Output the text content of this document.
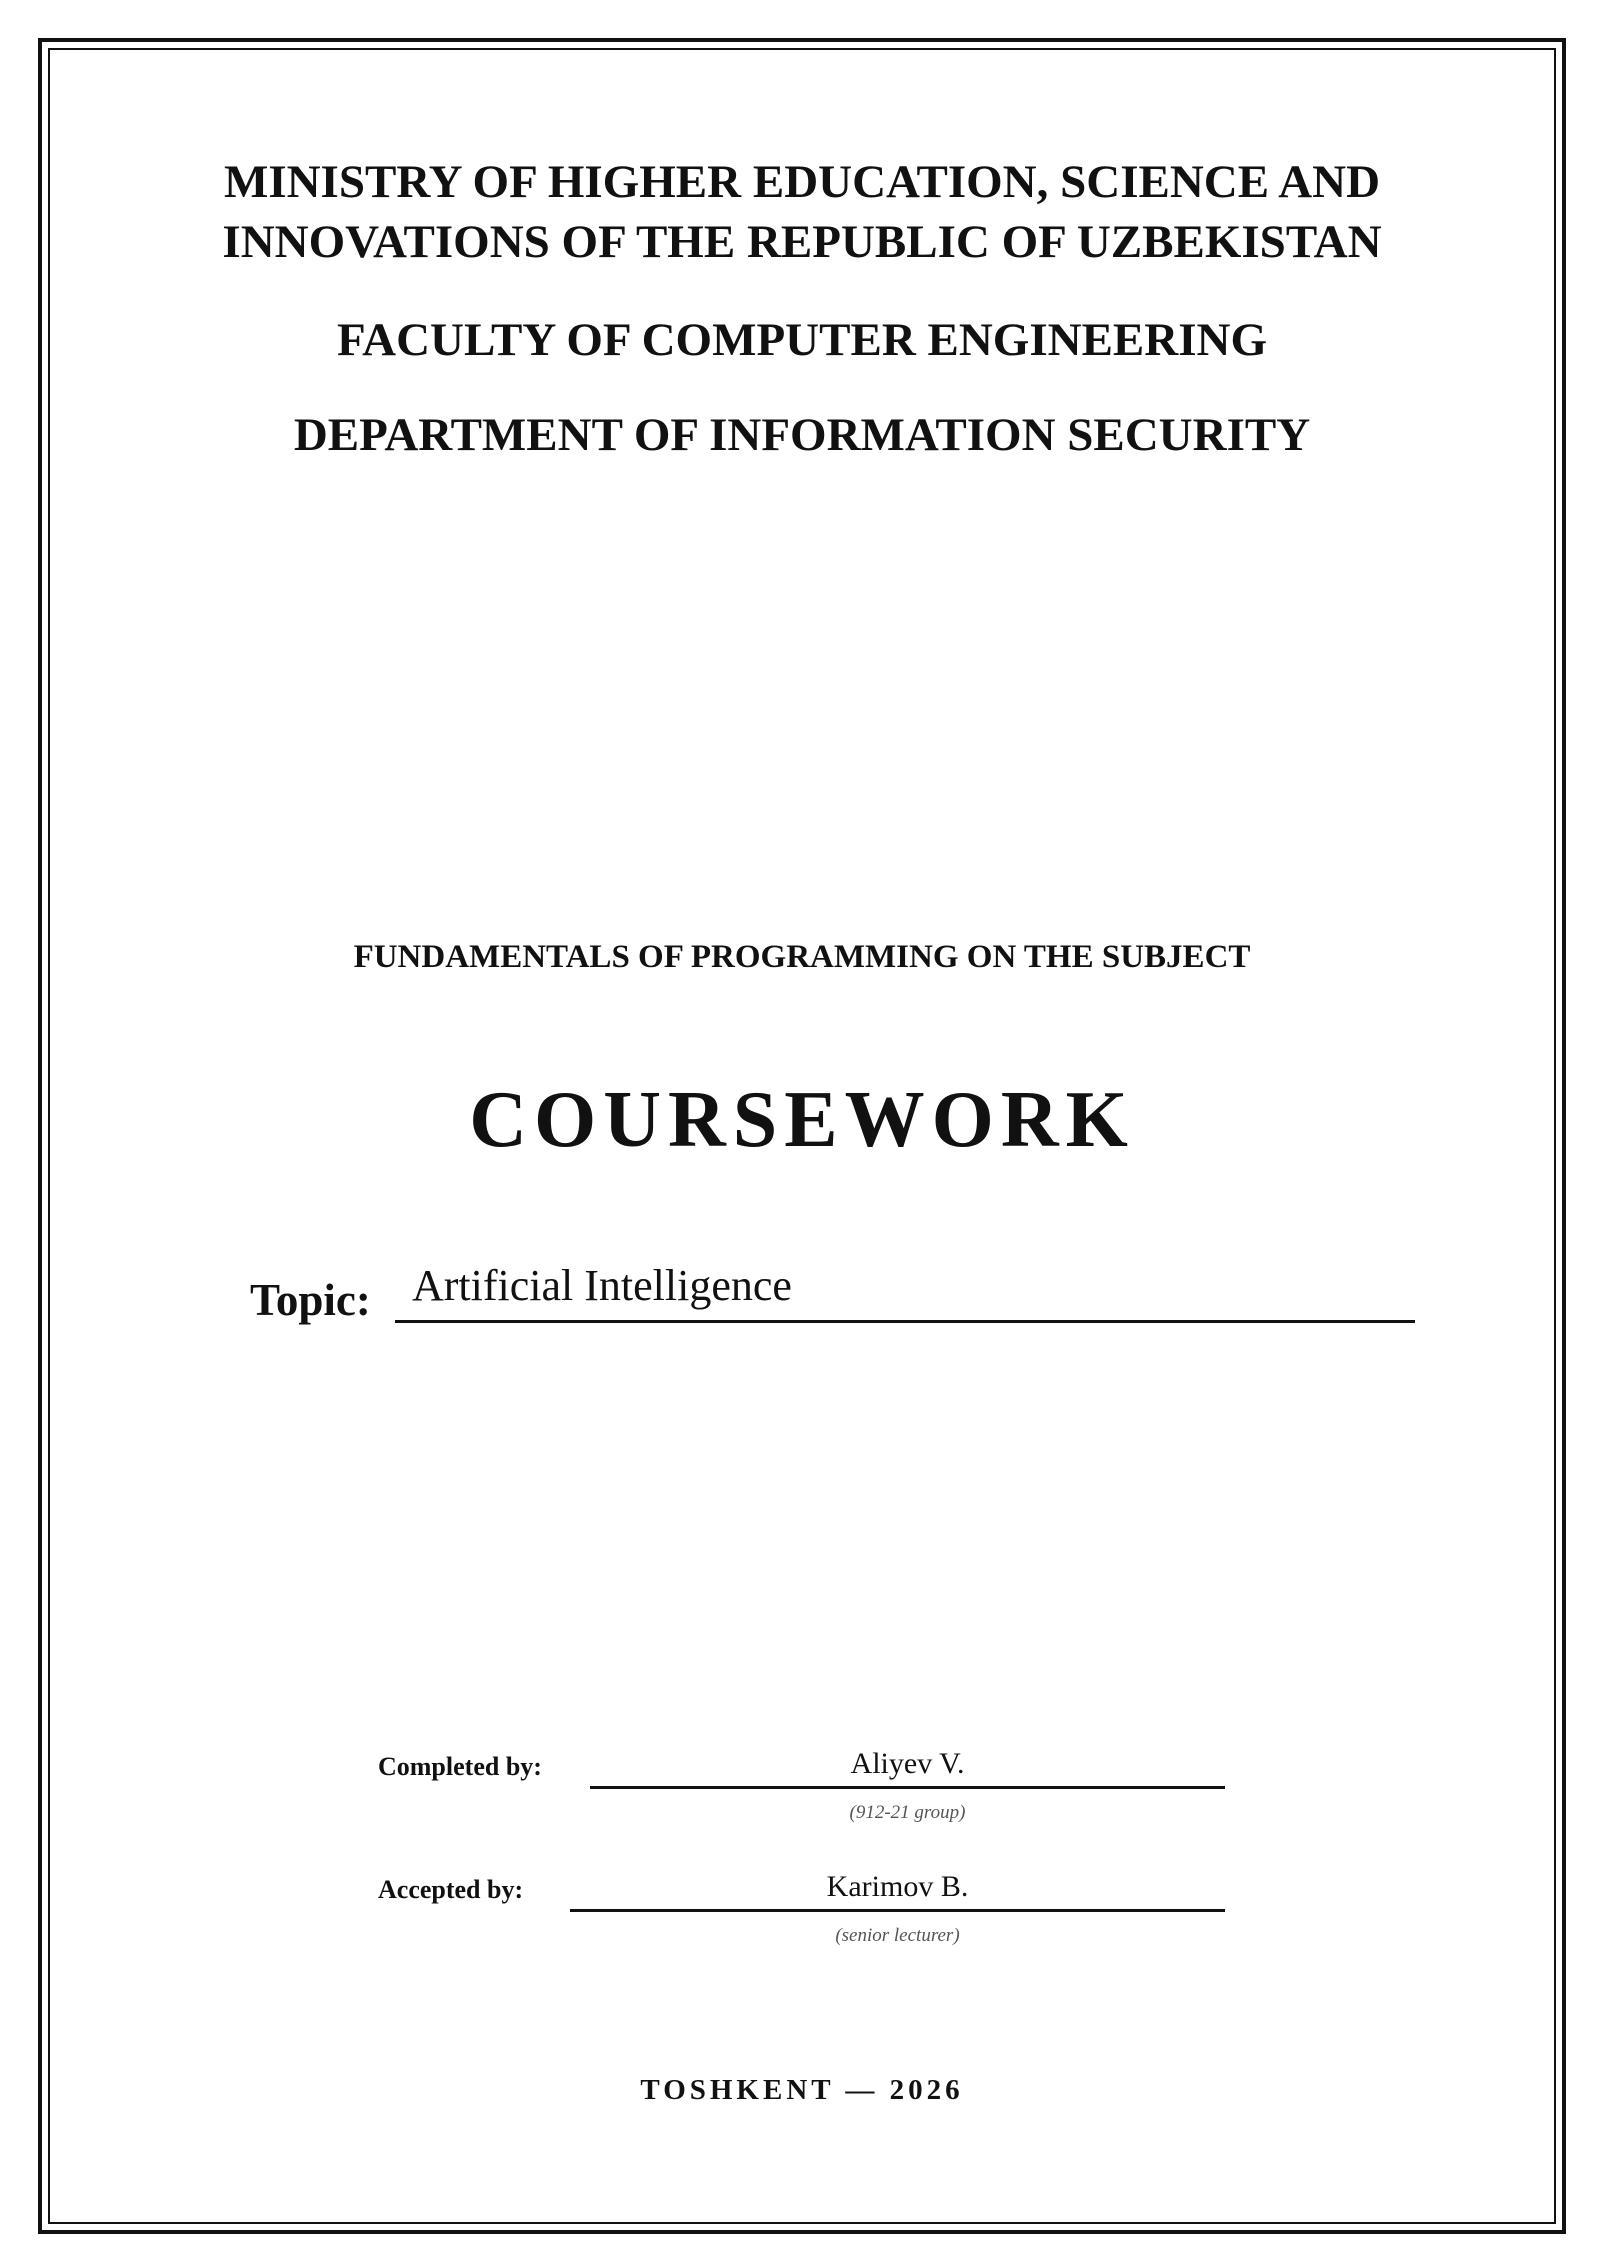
MINISTRY OF HIGHER EDUCATION, SCIENCE AND
INNOVATIONS OF THE REPUBLIC OF UZBEKISTAN
FACULTY OF COMPUTER ENGINEERING
DEPARTMENT OF INFORMATION SECURITY
FUNDAMENTALS OF PROGRAMMING ON THE SUBJECT
COURSEWORK
Topic: Artificial Intelligence
Completed by:	Aliyev V.
(912-21 group)
Accepted by:	Karimov B.
(senior lecturer)
TOSHKENT — 2026
